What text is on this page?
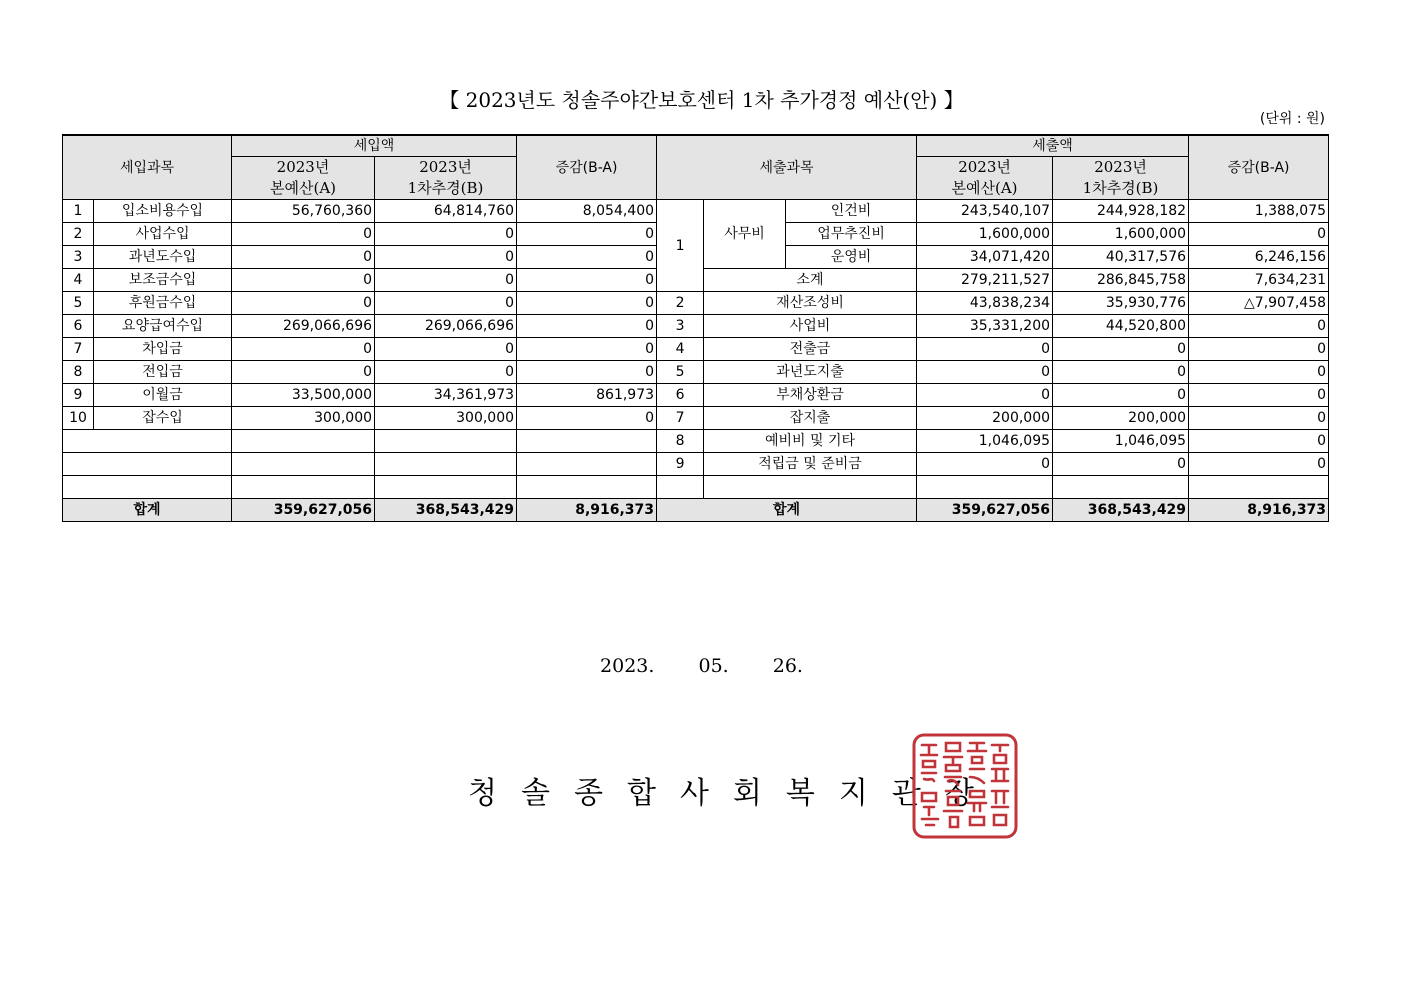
【 2023년도 청솔주야간보호센터 1차 추가경정 예산(안) 】
(단위 : 원)
세입과목		세입액		증감(B-A)	세출과목			세출액		증감(B-A)
		2023년	2023년					2023년	2023년	
		본예산(A)	1차추경(B)					본예산(A)	1차추경(B)	
1	입소비용수입	56,760,360	64,814,760	8,054,400	1	사무비	인건비	243,540,107	244,928,182	1,388,075
2	사업수입	0	0	0			업무추진비	1,600,000	1,600,000	0
3	과년도수입	0	0	0			운영비	34,071,420	40,317,576	6,246,156
4	보조금수입	0	0	0		소계		279,211,527	286,845,758	7,634,231
5	후원금수입	0	0	0	2	재산조성비		43,838,234	35,930,776	△7,907,458
6	요양급여수입	269,066,696	269,066,696	0	3	사업비		35,331,200	44,520,800	0
7	차입금	0	0	0	4	전출금		0	0	0
8	전입금	0	0	0	5	과년도지출		0	0	0
9	이월금	33,500,000	34,361,973	861,973	6	부채상환금		0	0	0
10	잡수입	300,000	300,000	0	7	잡지출		200,000	200,000	0
					8	예비비 및 기타		1,046,095	1,046,095	0
					9	적립금 및 준비금		0	0	0

합계		359,627,056	368,543,429	8,916,373	합계			359,627,056	368,543,429	8,916,373
2023. 05. 26.
청솔종합사회복지관장
